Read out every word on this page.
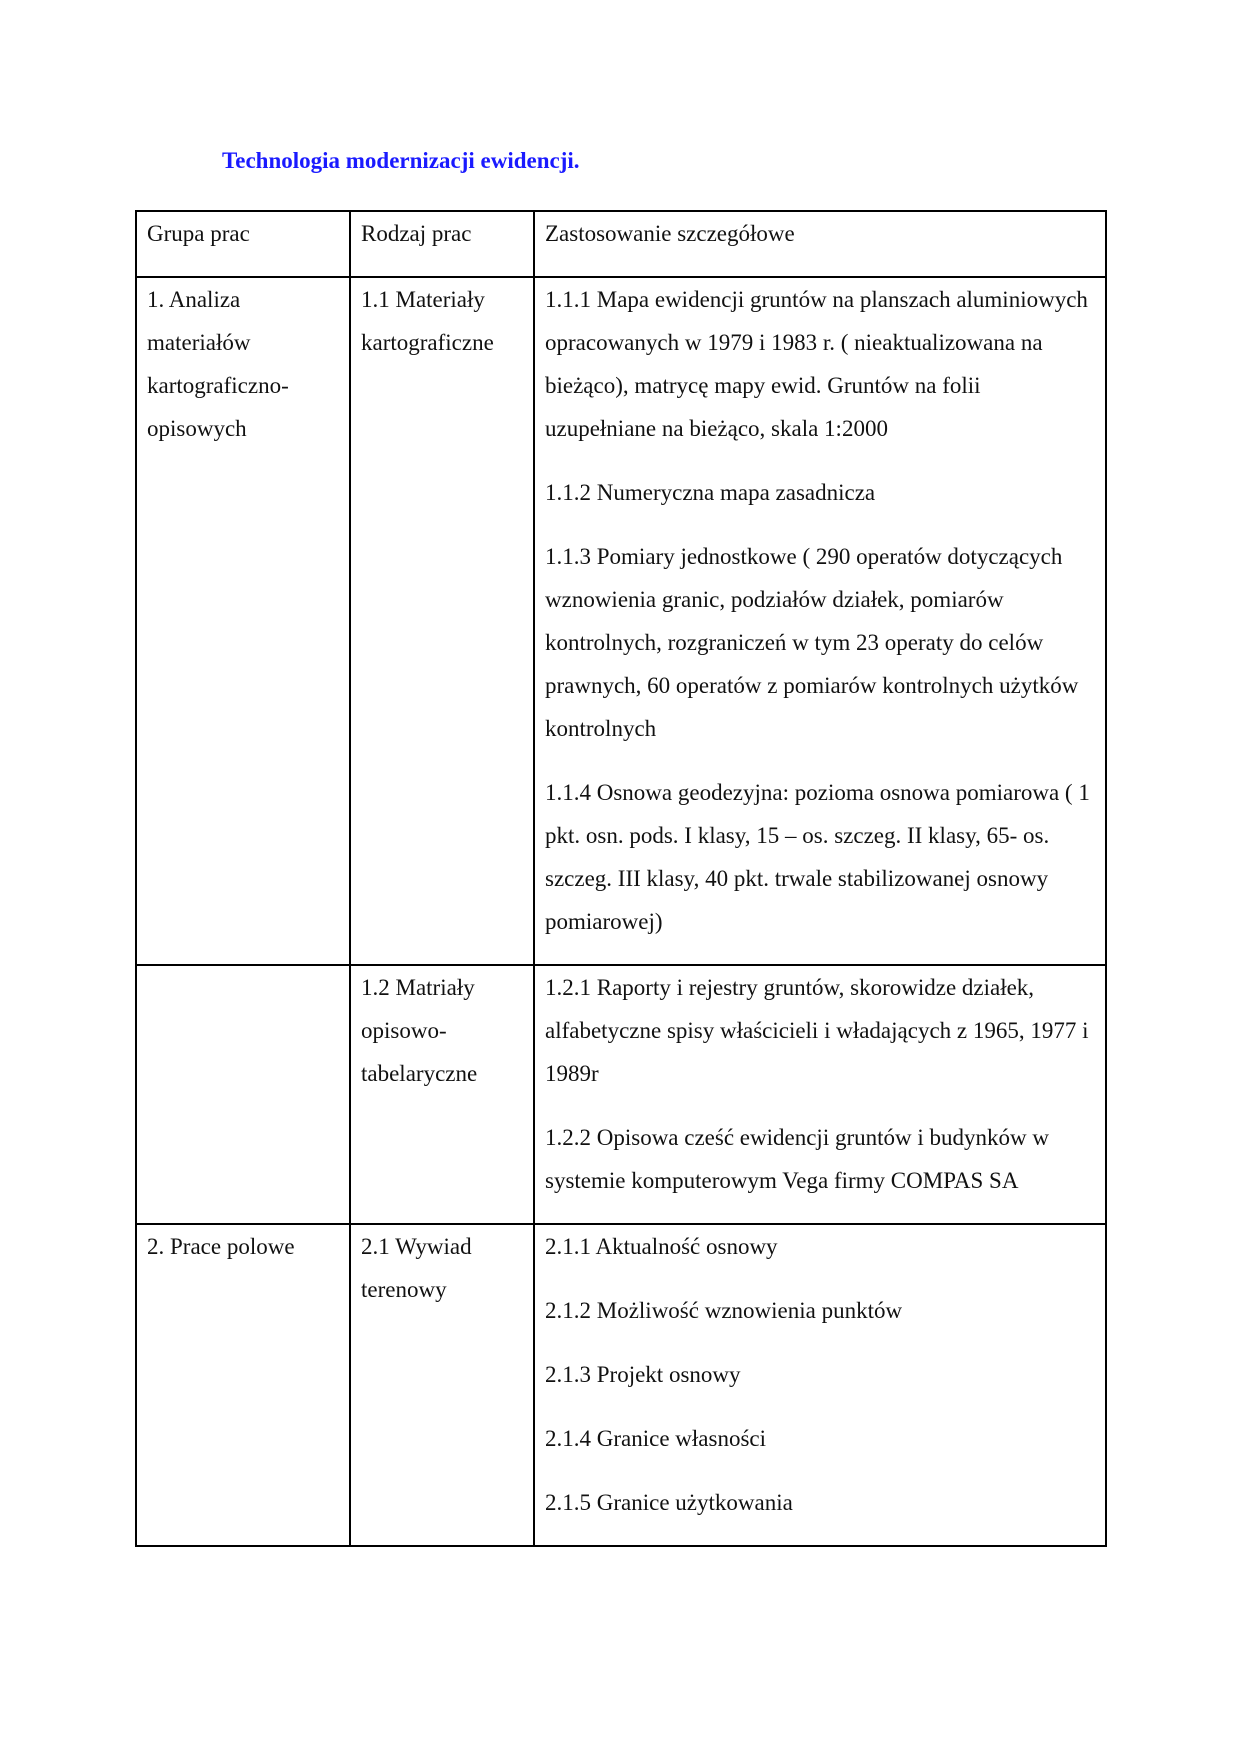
Technologia modernizacji ewidencji.
Grupa prac	Rodzaj prac	Zastosowanie szczegółowe

1. Analiza materiałów kartograficzno-opisowych	1.1 Materiały kartograficzne	1.1.1 Mapa ewidencji gruntów na planszach aluminiowych opracowanych w 1979 i 1983 r. ( nieaktualizowana na bieżąco), matrycę mapy ewid. Gruntów na folii uzupełniane na bieżąco, skala 1:2000

1.1.2 Numeryczna mapa zasadnicza

1.1.3 Pomiary jednostkowe ( 290 operatów dotyczących wznowienia granic, podziałów działek, pomiarów kontrolnych, rozgraniczeń w tym 23 operaty do celów prawnych, 60 operatów z pomiarów kontrolnych użytków kontrolnych

1.1.4 Osnowa geodezyjna: pozioma osnowa pomiarowa ( 1 pkt. osn. pods. I klasy, 15 – os. szczeg. II klasy, 65- os. szczeg. III klasy, 40 pkt. trwale stabilizowanej osnowy pomiarowej)

	1.2 Matriały opisowo-tabelaryczne	1.2.1 Raporty i rejestry gruntów, skorowidze działek, alfabetyczne spisy właścicieli i władających z 1965, 1977 i 1989r

1.2.2 Opisowa cześć ewidencji gruntów i budynków w systemie komputerowym Vega firmy COMPAS SA

2. Prace polowe	2.1 Wywiad terenowy	2.1.1 Aktualność osnowy

2.1.2 Możliwość wznowienia punktów

2.1.3 Projekt osnowy

2.1.4 Granice własności

2.1.5 Granice użytkowania
